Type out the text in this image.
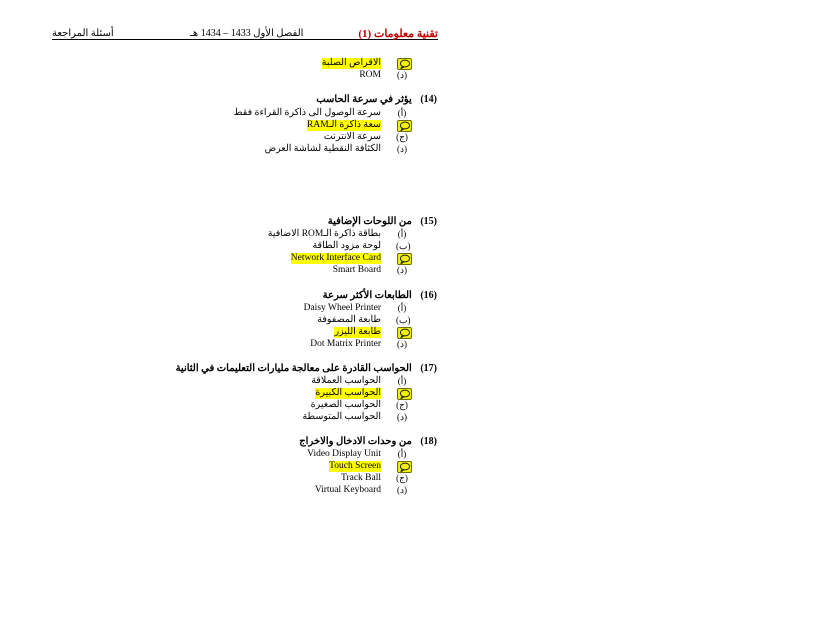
تقنية معلومات (1)
الفصل الأول 1433 – 1434 هـ
أسئلة المراجعة
الاقراص الصلبة
(د)
ROM
(14) يؤثر في سرعة الحاسب
(أ)
سرعة الوصول الى ذاكرة القراءة فقط
سعة ذاكرة الـRAM
(ج)
سرعة الانترنت
(د)
الكثافة النقطية لشاشة العرض
(15) من اللوحات الإضافية
(أ)
بطاقة ذاكرة الـROM الاضافية
(ب)
لوحة مزود الطاقة
Network Interface Card
(د)
Smart Board
(16) الطابعات الأكثر سرعة
(أ)
Daisy Wheel Printer
(ب)
طابعة المصفوفة
طابعة الليزر
(د)
Dot Matrix Printer
(17) الحواسب القادرة على معالجة مليارات التعليمات في الثانية
(أ)
الحواسب العملاقة
الحواسب الكبيرة
(ج)
الحواسب الصغيرة
(د)
الحواسب المتوسطة
(18) من وحدات الادخال والاخراج
(أ)
Video Display Unit
Touch Screen
(ج)
Track Ball
(د)
Virtual Keyboard
